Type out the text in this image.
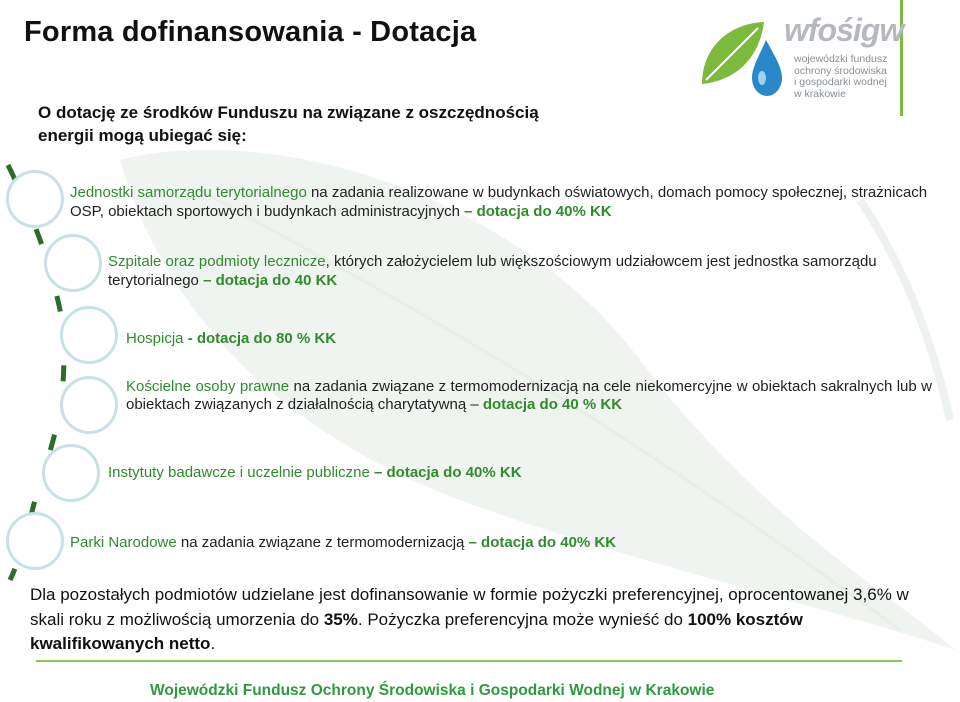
Forma dofinansowania - Dotacja	wfośigw
wojewódzki fundusz
ochrony środowiska
i gospodarki wodnej
w krakowie
O dotację ze środków Funduszu na związane z oszczędnością
energii mogą ubiegać się:
Jednostki samorządu terytorialnego na zadania realizowane w budynkach oświatowych, domach pomocy społecznej, strażnicach OSP, obiektach sportowych i budynkach administracyjnych – dotacja do 40% KK
Szpitale oraz podmioty lecznicze, których założycielem lub większościowym udziałowcem jest jednostka samorządu terytorialnego – dotacja do 40 KK
Hospicja - dotacja do 80 % KK
Kościelne osoby prawne na zadania związane z termomodernizacją na cele niekomercyjne w obiektach sakralnych lub w obiektach związanych z działalnością charytatywną – dotacja do 40 % KK
Instytuty badawcze i uczelnie publiczne – dotacja do 40% KK
Parki Narodowe na zadania związane z termomodernizacją – dotacja do 40% KK
Dla pozostałych podmiotów udzielane jest dofinansowanie w formie pożyczki preferencyjnej, oprocentowanej 3,6% w skali roku z możliwością umorzenia do 35%. Pożyczka preferencyjna może wynieść do 100% kosztów kwalifikowanych netto.
Wojewódzki Fundusz Ochrony Środowiska i Gospodarki Wodnej w Krakowie
